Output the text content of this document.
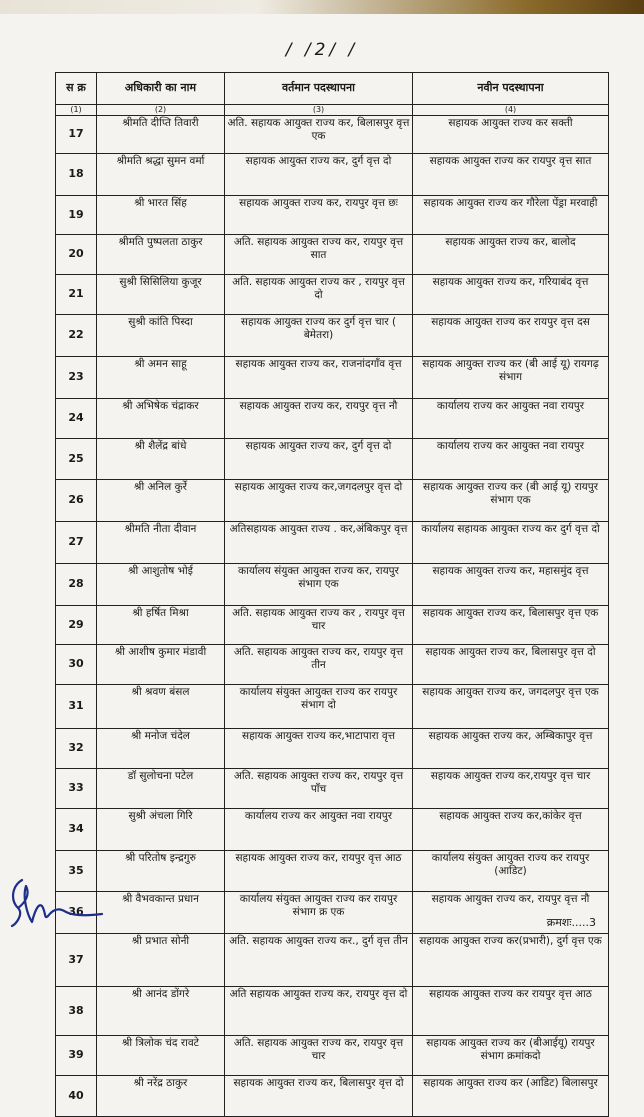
/ /2/ /
स क्र	अधिकारी का नाम	वर्तमान पदस्थापना	नवीन पदस्थापना
(1)	(2)	(3)	(4)
17	श्रीमति दीप्ति तिवारी	अति. सहायक आयुक्त राज्य कर, बिलासपुर वृत्त एक	सहायक आयुक्त राज्य कर सक्ती
18	श्रीमति श्रद्धा सुमन वर्मा	सहायक आयुक्त राज्य कर, दुर्ग वृत्त दो	सहायक आयुक्त राज्य कर रायपुर वृत्त सात
19	श्री भारत सिंह	सहायक आयुक्त राज्य कर, रायपुर वृत्त छः	सहायक आयुक्त राज्य कर गौरेला पेंड्रा मरवाही
20	श्रीमति पुष्पलता ठाकुर	अति. सहायक आयुक्त राज्य कर, रायपुर वृत्त सात	सहायक आयुक्त राज्य कर, बालोद
21	सुश्री सिसिलिया कुजूर	अति. सहायक आयुक्त राज्य कर , रायपुर वृत्त दो	सहायक आयुक्त राज्य कर, गरियाबंद वृत्त
22	सुश्री कांति पिस्दा	सहायक आयुक्त राज्य कर दुर्ग वृत्त चार ( बेमेतरा)	सहायक आयुक्त राज्य कर रायपुर वृत्त दस
23	श्री अमन साहू	सहायक आयुक्त राज्य कर, राजनांदगाँव वृत्त	सहायक आयुक्त राज्य कर (बी आई यू) रायगढ़ संभाग
24	श्री अभिषेक चंद्राकर	सहायक आयुक्त राज्य कर, रायपुर वृत्त नौ	कार्यालय राज्य कर आयुक्त नवा रायपुर
25	श्री शैलेंद्र बांधे	सहायक आयुक्त राज्य कर, दुर्ग वृत्त दो	कार्यालय राज्य कर आयुक्त नवा रायपुर
26	श्री अनिल कुर्रे	सहायक आयुक्त राज्य कर,जगदलपुर वृत्त दो	सहायक आयुक्त राज्य कर (बी आई यू) रायपुर संभाग एक
27	श्रीमति नीता दीवान	अतिसहायक आयुक्त राज्य . कर,अंबिकपुर वृत्त	कार्यालय सहायक आयुक्त राज्य कर दुर्ग वृत्त दो
28	श्री आशुतोष भोई	कार्यालय संयुक्त आयुक्त राज्य कर, रायपुर संभाग एक	सहायक आयुक्त राज्य कर, महासमुंद वृत्त
29	श्री हर्षित मिश्रा	अति. सहायक आयुक्त राज्य कर , रायपुर वृत्त चार	सहायक आयुक्त राज्य कर, बिलासपुर वृत्त एक
30	श्री आशीष कुमार मंडावी	अति. सहायक आयुक्त राज्य कर, रायपुर वृत्त तीन	सहायक आयुक्त राज्य कर, बिलासपुर वृत्त दो
31	श्री श्रवण बंसल	कार्यालय संयुक्त आयुक्त राज्य कर रायपुर संभाग दो	सहायक आयुक्त राज्य कर, जगदलपुर वृत्त एक
32	श्री मनोज चंदेल	सहायक आयुक्त राज्य कर,भाटापारा वृत्त	सहायक आयुक्त राज्य कर, अम्बिकापुर वृत्त
33	डॉ सुलोचना पटेल	अति. सहायक आयुक्त राज्य कर, रायपुर वृत्त पाँच	सहायक आयुक्त राज्य कर,रायपुर वृत्त चार
34	सुश्री अंचला गिरि	कार्यालय राज्य कर आयुक्त नवा रायपुर	सहायक आयुक्त राज्य कर,कांकेर वृत्त
35	श्री परितोष इन्द्रगुरु	सहायक आयुक्त राज्य कर, रायपुर वृत्त आठ	कार्यालय संयुक्त आयुक्त राज्य कर रायपुर (आडिट)
36	श्री वैभवकान्त प्रधान	कार्यालय संयुक्त आयुक्त राज्य कर रायपुर संभाग क्र एक	सहायक आयुक्त राज्य कर, रायपुर वृत्त नौ
37	श्री प्रभात सोनी	अति. सहायक आयुक्त राज्य कर., दुर्ग वृत्त तीन	सहायक आयुक्त राज्य कर(प्रभारी), दुर्ग वृत्त एक
38	श्री आनंद डोंगरे	अति सहायक आयुक्त राज्य कर, रायपुर वृत्त दो	सहायक आयुक्त राज्य कर रायपुर वृत्त आठ
39	श्री त्रिलोक चंद रावटे	अति. सहायक आयुक्त राज्य कर, रायपुर वृत्त चार	सहायक आयुक्त राज्य कर (बीआईयू) रायपुर संभाग क्रमांकदो
40	श्री नरेंद्र ठाकुर	सहायक आयुक्त राज्य कर, बिलासपुर वृत्त दो	सहायक आयुक्त राज्य कर (आडिट) बिलासपुर
क्रमशः.....3
